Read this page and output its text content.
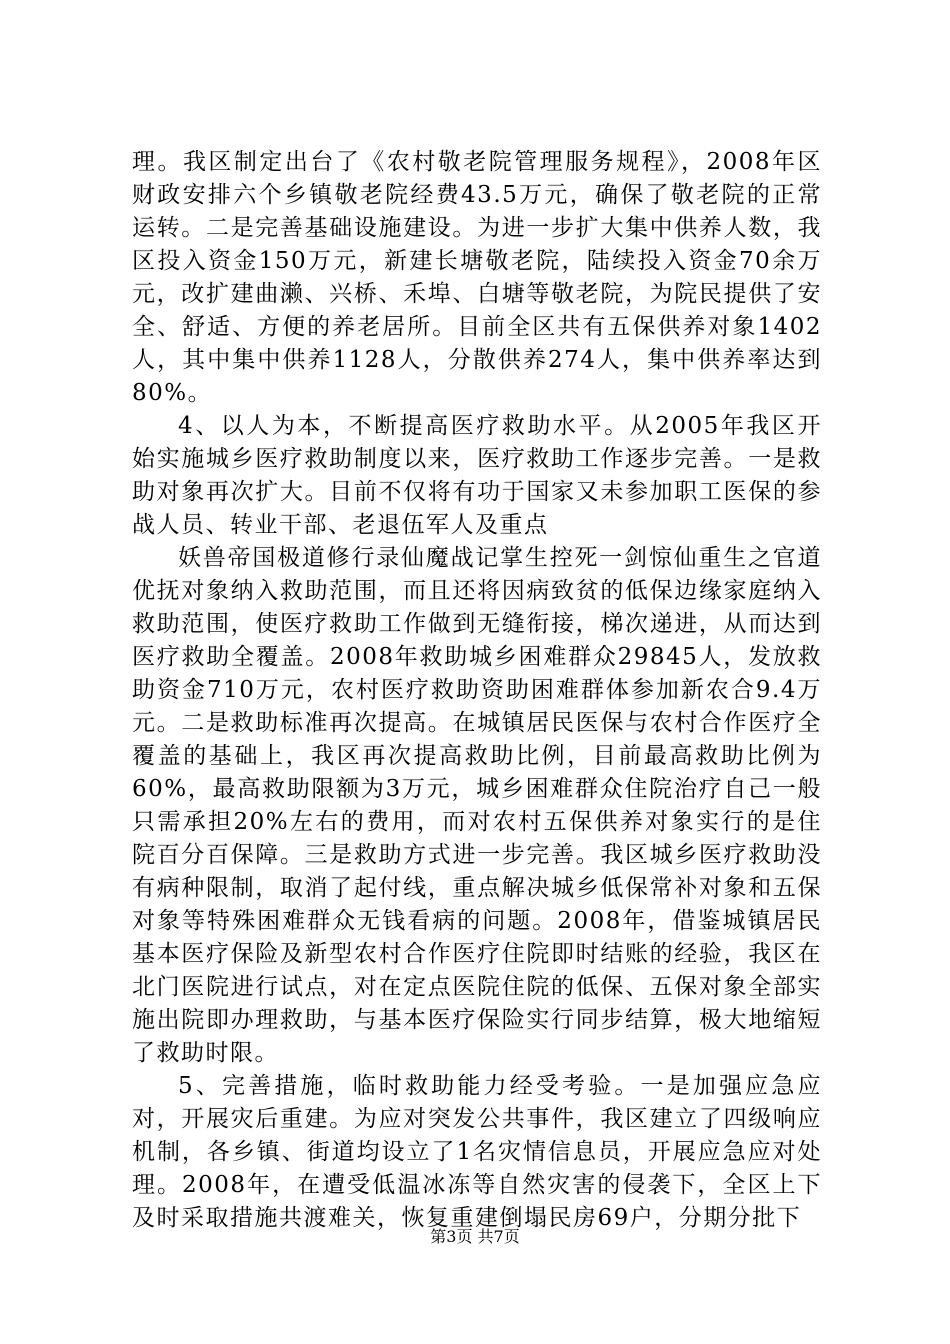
理。我区制定出台了《农村敬老院管理服务规程》，2008年区财政安排六个乡镇敬老院经费43.5万元，确保了敬老院的正常运转。二是完善基础设施建设。为进一步扩大集中供养人数，我区投入资金150万元，新建长塘敬老院，陆续投入资金70余万元，改扩建曲濑、兴桥、禾埠、白塘等敬老院，为院民提供了安全、舒适、方便的养老居所。目前全区共有五保供养对象1402人，其中集中供养1128人，分散供养274人，集中供养率达到80%。

4、以人为本，不断提高医疗救助水平。从2005年我区开始实施城乡医疗救助制度以来，医疗救助工作逐步完善。一是救助对象再次扩大。目前不仅将有功于国家又未参加职工医保的参战人员、转业干部、老退伍军人及重点

妖兽帝国极道修行录仙魔战记掌生控死一剑惊仙重生之官道优抚对象纳入救助范围，而且还将因病致贫的低保边缘家庭纳入救助范围，使医疗救助工作做到无缝衔接，梯次递进，从而达到医疗救助全覆盖。2008年救助城乡困难群众29845人，发放救助资金710万元，农村医疗救助资助困难群体参加新农合9.4万元。二是救助标准再次提高。在城镇居民医保与农村合作医疗全覆盖的基础上，我区再次提高救助比例，目前最高救助比例为60%，最高救助限额为3万元，城乡困难群众住院治疗自己一般只需承担20%左右的费用，而对农村五保供养对象实行的是住院百分百保障。三是救助方式进一步完善。我区城乡医疗救助没有病种限制，取消了起付线，重点解决城乡低保常补对象和五保对象等特殊困难群众无钱看病的问题。2008年，借鉴城镇居民基本医疗保险及新型农村合作医疗住院即时结账的经验，我区在北门医院进行试点，对在定点医院住院的低保、五保对象全部实施出院即办理救助，与基本医疗保险实行同步结算，极大地缩短了救助时限。

5、完善措施，临时救助能力经受考验。一是加强应急应对，开展灾后重建。为应对突发公共事件，我区建立了四级响应机制，各乡镇、街道均设立了1名灾情信息员，开展应急应对处理。2008年，在遭受低温冰冻等自然灾害的侵袭下，全区上下及时采取措施共渡难关，恢复重建倒塌民房69户，分期分批下

第3页 共7页
